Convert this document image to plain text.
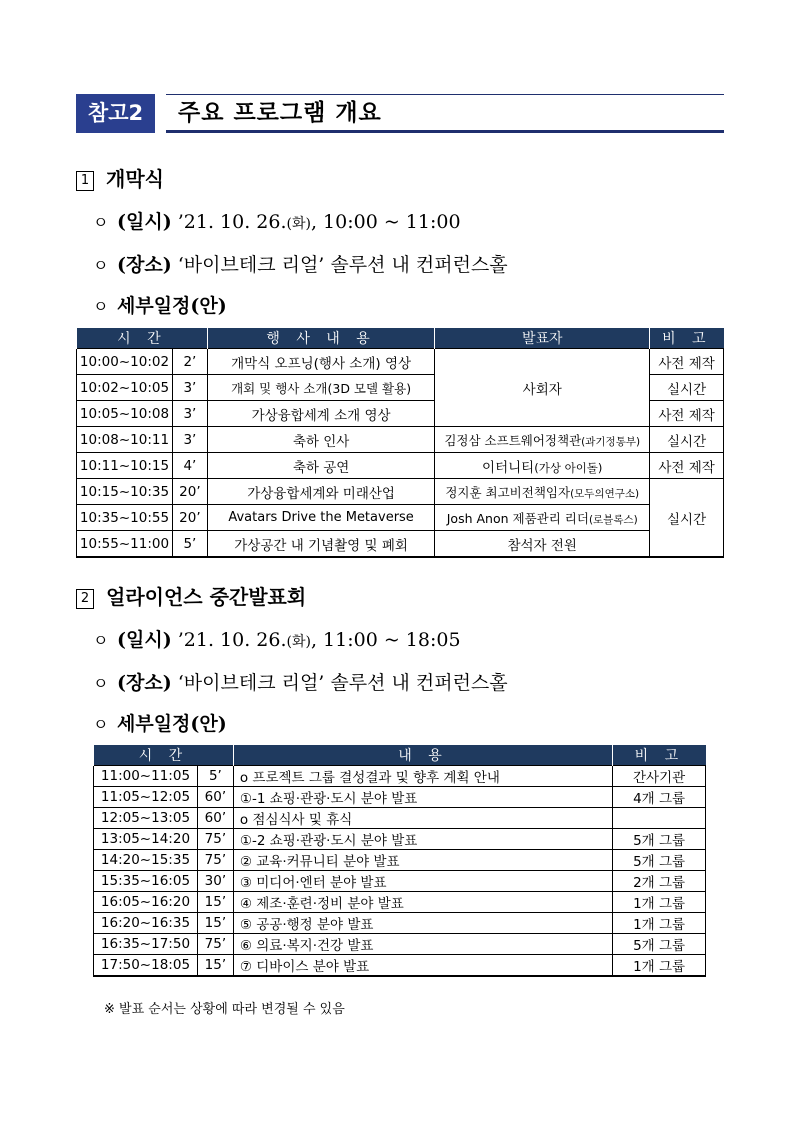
참고2	주요 프로그램 개요
1 개막식
ㅇ (일시) ’21. 10. 26.(화), 10:00 ~ 11:00
ㅇ (장소) ‘바이브테크 리얼’ 솔루션 내 컨퍼런스홀
ㅇ 세부일정(안)
시 간		행 사 내 용	발표자	비 고
10:00~10:02	2’	개막식 오프닝(행사 소개) 영상	사회자	사전 제작
10:02~10:05	3’	개회 및 행사 소개(3D 모델 활용)		실시간
10:05~10:08	3’	가상융합세계 소개 영상		사전 제작
10:08~10:11	3’	축하 인사	김정삼 소프트웨어정책관(과기정통부)	실시간
10:11~10:15	4’	축하 공연	이터니티(가상 아이돌)	사전 제작
10:15~10:35	20’	가상융합세계와 미래산업	정지훈 최고비전책임자(모두의연구소)	실시간
10:35~10:55	20’	Avatars Drive the Metaverse	Josh Anon 제품관리 리더(로블록스)	
10:55~11:00	5’	가상공간 내 기념촬영 및 폐회	참석자 전원	
2 얼라이언스 중간발표회
ㅇ (일시) ’21. 10. 26.(화), 11:00 ~ 18:05
ㅇ (장소) ‘바이브테크 리얼’ 솔루션 내 컨퍼런스홀
ㅇ 세부일정(안)
시 간		내 용	비 고
11:00~11:05	5’	o 프로젝트 그룹 결성결과 및 향후 계획 안내	간사기관
11:05~12:05	60’	①-1 쇼핑·관광·도시 분야 발표	4개 그룹
12:05~13:05	60’	o 점심식사 및 휴식	
13:05~14:20	75’	①-2 쇼핑·관광·도시 분야 발표	5개 그룹
14:20~15:35	75’	② 교육·커뮤니티 분야 발표	5개 그룹
15:35~16:05	30’	③ 미디어·엔터 분야 발표	2개 그룹
16:05~16:20	15’	④ 제조·훈련·정비 분야 발표	1개 그룹
16:20~16:35	15’	⑤ 공공·행정 분야 발표	1개 그룹
16:35~17:50	75’	⑥ 의료·복지·건강 발표	5개 그룹
17:50~18:05	15’	⑦ 디바이스 분야 발표	1개 그룹
※ 발표 순서는 상황에 따라 변경될 수 있음
